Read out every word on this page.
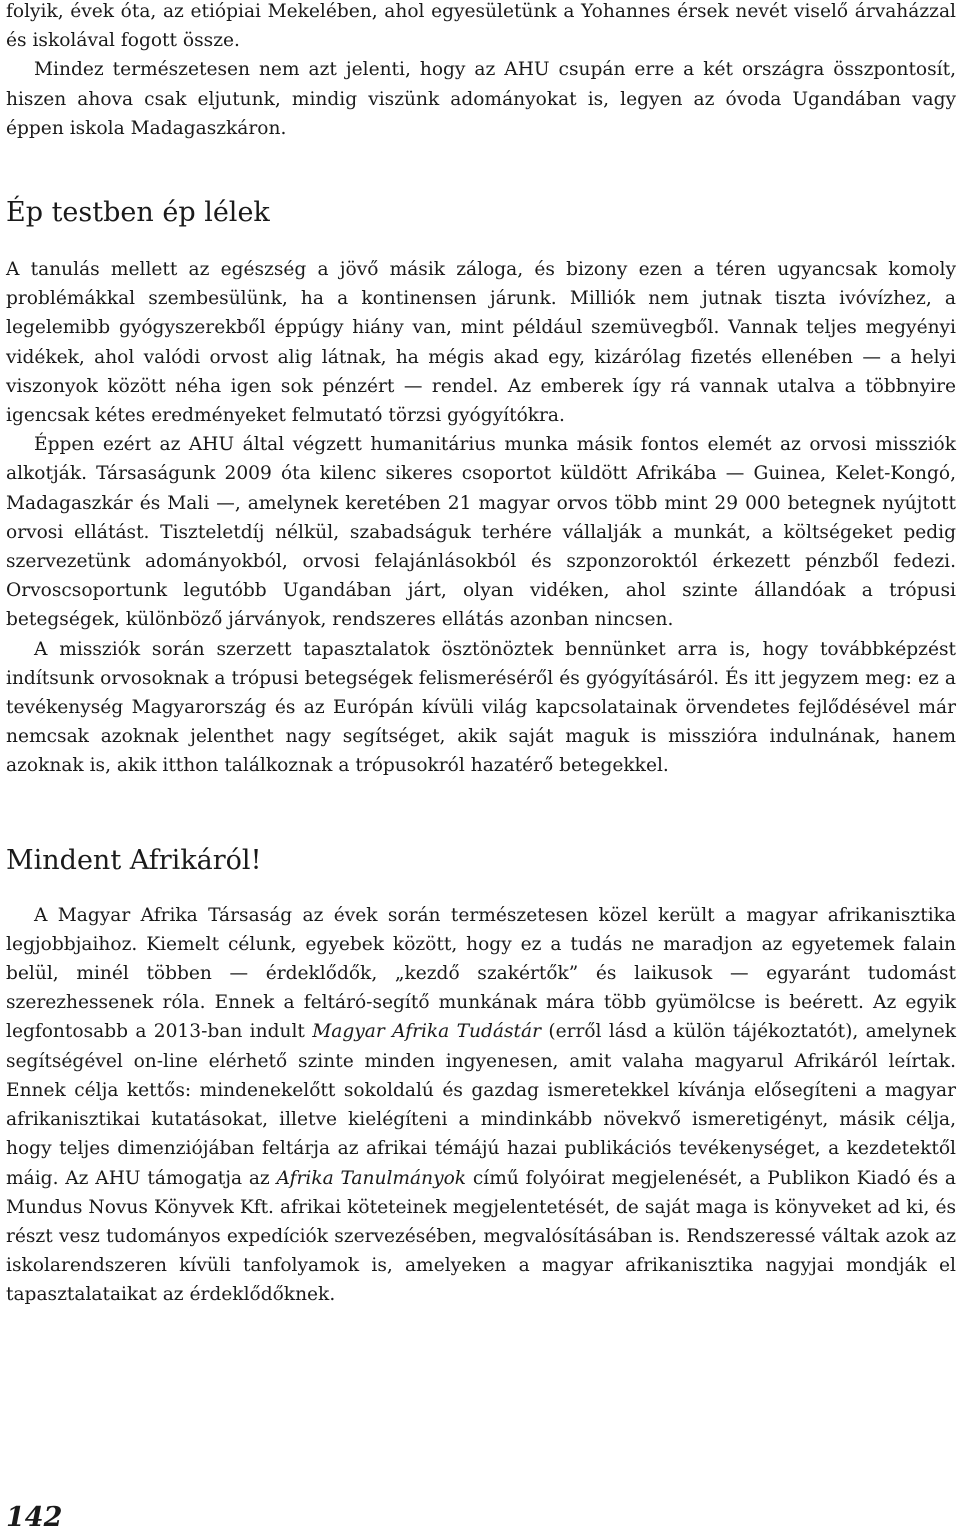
folyik, évek óta, az etiópiai Mekelében, ahol egyesületünk a Yohannes érsek nevét viselő árvaházzal és iskolával fogott össze.

Mindez természetesen nem azt jelenti, hogy az AHU csupán erre a két országra összpontosít, hiszen ahova csak eljutunk, mindig viszünk adományokat is, legyen az óvoda Ugandában vagy éppen iskola Madagaszkáron.

Ép testben ép lélek

A tanulás mellett az egészség a jövő másik záloga, és bizony ezen a téren ugyancsak komoly problémákkal szembesülünk, ha a kontinensen járunk. Milliók nem jutnak tiszta ivóvízhez, a legelemibb gyógyszerekből éppúgy hiány van, mint például szemüvegből. Vannak teljes megyényi vidékek, ahol valódi orvost alig látnak, ha mégis akad egy, kizárólag fizetés ellenében — a helyi viszonyok között néha igen sok pénzért — rendel. Az emberek így rá vannak utalva a többnyire igencsak kétes eredményeket felmutató törzsi gyógyítókra.

Éppen ezért az AHU által végzett humanitárius munka másik fontos elemét az orvosi missziók alkotják. Társaságunk 2009 óta kilenc sikeres csoportot küldött Afrikába — Guinea, Kelet-Kongó, Madagaszkár és Mali —, amelynek keretében 21 magyar orvos több mint 29 000 betegnek nyújtott orvosi ellátást. Tiszteletdíj nélkül, szabadságuk terhére vállalják a munkát, a költségeket pedig szervezetünk adományokból, orvosi felajánlásokból és szponzoroktól érkezett pénzből fedezi. Orvoscsoportunk legutóbb Ugandában járt, olyan vidéken, ahol szinte állandóak a trópusi betegségek, különböző járványok, rendszeres ellátás azonban nincsen.

A missziók során szerzett tapasztalatok ösztönöztek bennünket arra is, hogy továbbképzést indítsunk orvosoknak a trópusi betegségek felismeréséről és gyógyításáról. És itt jegyzem meg: ez a tevékenység Magyarország és az Európán kívüli világ kapcsolatainak örvendetes fejlődésével már nemcsak azoknak jelenthet nagy segítséget, akik saját maguk is misszióra indulnának, hanem azoknak is, akik itthon találkoznak a trópusokról hazatérő betegekkel.

Mindent Afrikáról!

A Magyar Afrika Társaság az évek során természetesen közel került a magyar afrikanisztika legjobbjaihoz. Kiemelt célunk, egyebek között, hogy ez a tudás ne maradjon az egyetemek falain belül, minél többen — érdeklődők, „kezdő szakértők” és laikusok — egyaránt tudomást szerezhessenek róla. Ennek a feltáró-segítő munkának mára több gyümölcse is beérett. Az egyik legfontosabb a 2013-ban indult Magyar Afrika Tudástár (erről lásd a külön tájékoztatót), amelynek segítségével on-line elérhető szinte minden ingyenesen, amit valaha magyarul Afrikáról leírtak. Ennek célja kettős: mindenekelőtt sokoldalú és gazdag ismeretekkel kívánja elősegíteni a magyar afrikanisztikai kutatásokat, illetve kielégíteni a mindinkább növekvő ismeretigényt, másik célja, hogy teljes dimenziójában feltárja az afrikai témájú hazai publikációs tevékenységet, a kezdetektől máig. Az AHU támogatja az Afrika Tanulmányok című folyóirat megjelenését, a Publikon Kiadó és a Mundus Novus Könyvek Kft. afrikai köteteinek megjelentetését, de saját maga is könyveket ad ki, és részt vesz tudományos expedíciók szervezésében, megvalósításában is. Rendszeressé váltak azok az iskolarendszeren kívüli tanfolyamok is, amelyeken a magyar afrikanisztika nagyjai mondják el tapasztalataikat az érdeklődőknek.

142
